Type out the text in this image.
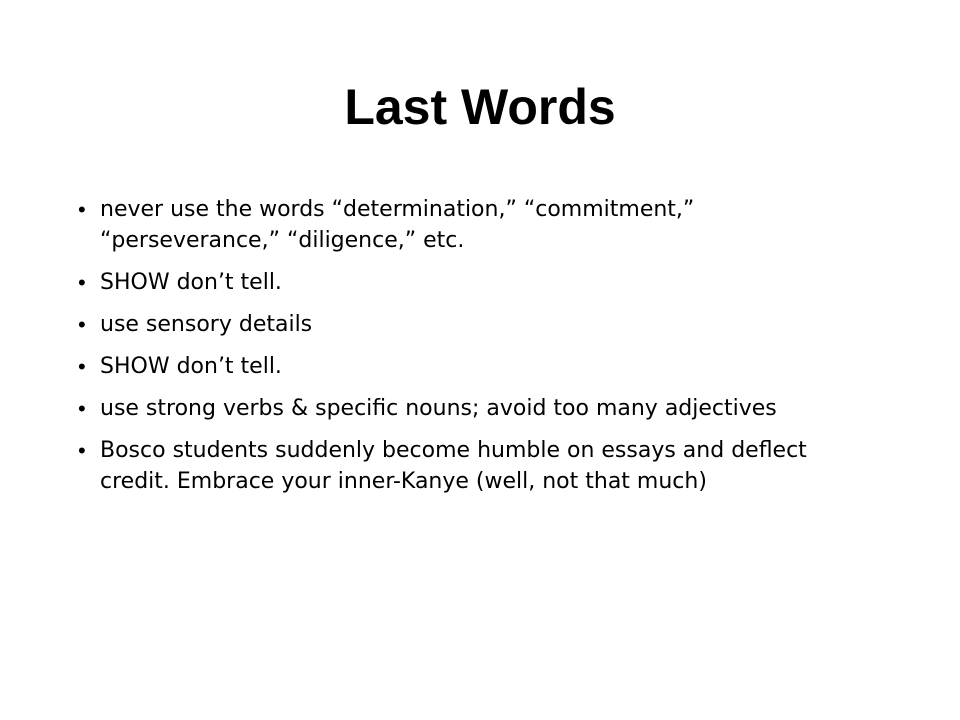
Last Words
• never use the words “determination,” “commitment,” “perseverance,” “diligence,” etc.
• SHOW don’t tell.
• use sensory details
• SHOW don’t tell.
• use strong verbs & specific nouns; avoid too many adjectives
• Bosco students suddenly become humble on essays and deflect credit. Embrace your inner-Kanye (well, not that much)
